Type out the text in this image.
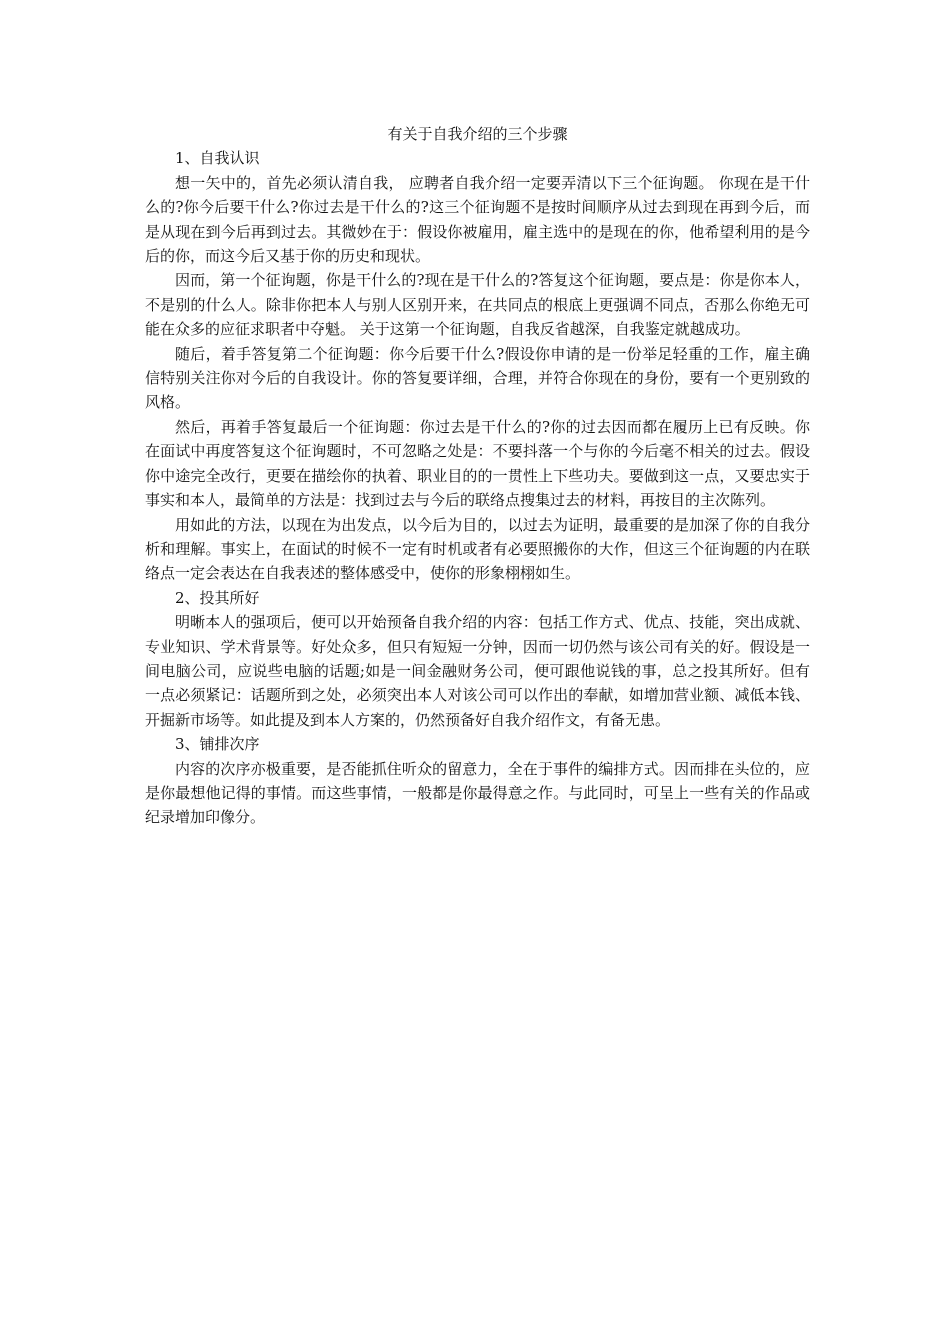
有关于自我介绍的三个步骤

1、自我认识

想一矢中的，首先必须认清自我， 应聘者自我介绍一定要弄清以下三个征询题。 你现在是干什么的?你今后要干什么?你过去是干什么的?这三个征询题不是按时间顺序从过去到现在再到今后，而是从现在到今后再到过去。其微妙在于：假设你被雇用，雇主选中的是现在的你，他希望利用的是今后的你，而这今后又基于你的历史和现状。

因而，第一个征询题，你是干什么的?现在是干什么的?答复这个征询题，要点是：你是你本人，不是别的什么人。除非你把本人与别人区别开来，在共同点的根底上更强调不同点，否那么你绝无可能在众多的应征求职者中夺魁。 关于这第一个征询题，自我反省越深，自我鉴定就越成功。

随后，着手答复第二个征询题：你今后要干什么?假设你申请的是一份举足轻重的工作，雇主确信特别关注你对今后的自我设计。你的答复要详细，合理，并符合你现在的身份，要有一个更别致的风格。

然后，再着手答复最后一个征询题：你过去是干什么的?你的过去因而都在履历上已有反映。你在面试中再度答复这个征询题时，不可忽略之处是：不要抖落一个与你的今后毫不相关的过去。假设你中途完全改行，更要在描绘你的执着、职业目的的一贯性上下些功夫。要做到这一点，又要忠实于事实和本人，最简单的方法是：找到过去与今后的联络点搜集过去的材料，再按目的主次陈列。

用如此的方法，以现在为出发点，以今后为目的，以过去为证明，最重要的是加深了你的自我分析和理解。事实上，在面试的时候不一定有时机或者有必要照搬你的大作，但这三个征询题的内在联络点一定会表达在自我表述的整体感受中，使你的形象栩栩如生。

2、投其所好

明晰本人的强项后，便可以开始预备自我介绍的内容：包括工作方式、优点、技能，突出成就、专业知识、学术背景等。好处众多，但只有短短一分钟，因而一切仍然与该公司有关的好。假设是一间电脑公司，应说些电脑的话题;如是一间金融财务公司，便可跟他说钱的事，总之投其所好。但有一点必须紧记：话题所到之处，必须突出本人对该公司可以作出的奉献，如增加营业额、减低本钱、开掘新市场等。如此提及到本人方案的，仍然预备好自我介绍作文，有备无患。

3、铺排次序

内容的次序亦极重要，是否能抓住听众的留意力，全在于事件的编排方式。因而排在头位的，应是你最想他记得的事情。而这些事情，一般都是你最得意之作。与此同时，可呈上一些有关的作品或纪录增加印像分。
